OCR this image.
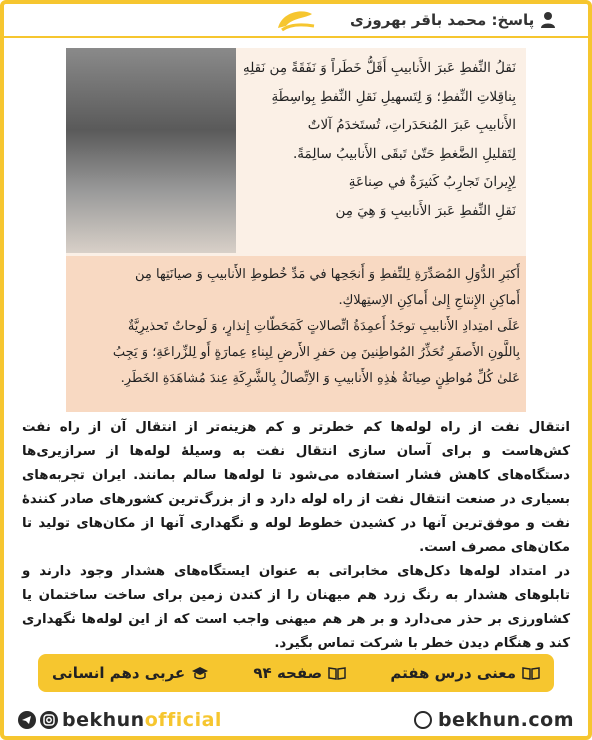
پاسخ: محمد باقر بهروزی
نَقلُ النِّفطِ عَبرَ الأَنابيبِ أَقَلُّ خَطَراً وَ نَفَقَةً مِن نَقلِهِ
بِناقِلاتِ النِّفطِ؛ وَ لِتَسهيلِ نَقلِ النِّفطِ بِواسِطَةِ
الأَنابيبِ عَبرَ المُنحَدَراتِ، تُستَخدَمُ آلاتٌ
لِتَقليلِ الضَّغطِ حَتّىٰ تَبقَى الأَنابيبُ سالِمَةً.
لِإِيرانَ تَجارِبُ كَثيرَةٌ في صِناعَةِ
نَقلِ النِّفطِ عَبرَ الأَنابيبِ وَ هِيَ مِن
أَكبَرِ الدُّوَلِ المُصَدِّرَةِ لِلنِّفطِ وَ أَنجَحِها في مَدِّ خُطوطِ الأَنابيبِ وَ صيانَتِها مِن
أَماكِنِ الإِنتاجِ إِلىٰ أَماكِنِ الاِستِهلاكِ.
عَلَى امتِدادِ الأَنابيبِ توجَدُ أَعمِدَةُ اتِّصالاتٍ كَمَحَطّاتِ إِنذارٍ، وَ لَوحاتٌ تَحذيرِيَّةٌ
بِاللَّونِ الأَصفَرِ تُحَذِّرُ المُواطِنينَ مِن حَفرِ الأَرضِ لِبِناءِ عِمارَةٍ أَو لِلزِّراعَةِ؛ وَ يَجِبُ
عَلىٰ كُلِّ مُواطِنٍ صِيانَةُ هٰذِهِ الأَنابيبِ وَ الاِتِّصالُ بِالشَّرِكَةِ عِندَ مُشاهَدَةِ الخَطَرِ.

انتقال نفت از راه لوله‌ها کم خطرتر و کم هزینه‌تر از انتقال آن از راه نفت کش‌هاست و برای آسان سازی انتقال نفت به وسیلهٔ لوله‌ها از سرازیری‌ها دستگاه‌های کاهش فشار استفاده می‌شود تا لوله‌ها سالم بمانند. ایران تجربه‌های بسیاری در صنعت انتقال نفت از راه لوله دارد و از بزرگ‌ترین کشورهای صادر کنندهٔ نفت و موفق‌ترین آنها در کشیدن خطوط لوله و نگهداری آنها از مکان‌های تولید تا مکان‌های مصرف است.

در امتداد لوله‌ها دکل‌های مخابراتی به عنوان ایستگاه‌های هشدار وجود دارند و تابلوهای هشدار به رنگ زرد هم میهنان را از کندن زمین برای ساخت ساختمان یا کشاورزی بر حذر می‌دارد و بر هر هم میهنی واجب است که از این لوله‌ها نگهداری کند و هنگام دیدن خطر با شرکت تماس بگیرد.

معنی درس هفتم
صفحه ۹۴
عربی دهم انسانی
bekhunofficial	bekhun.com
